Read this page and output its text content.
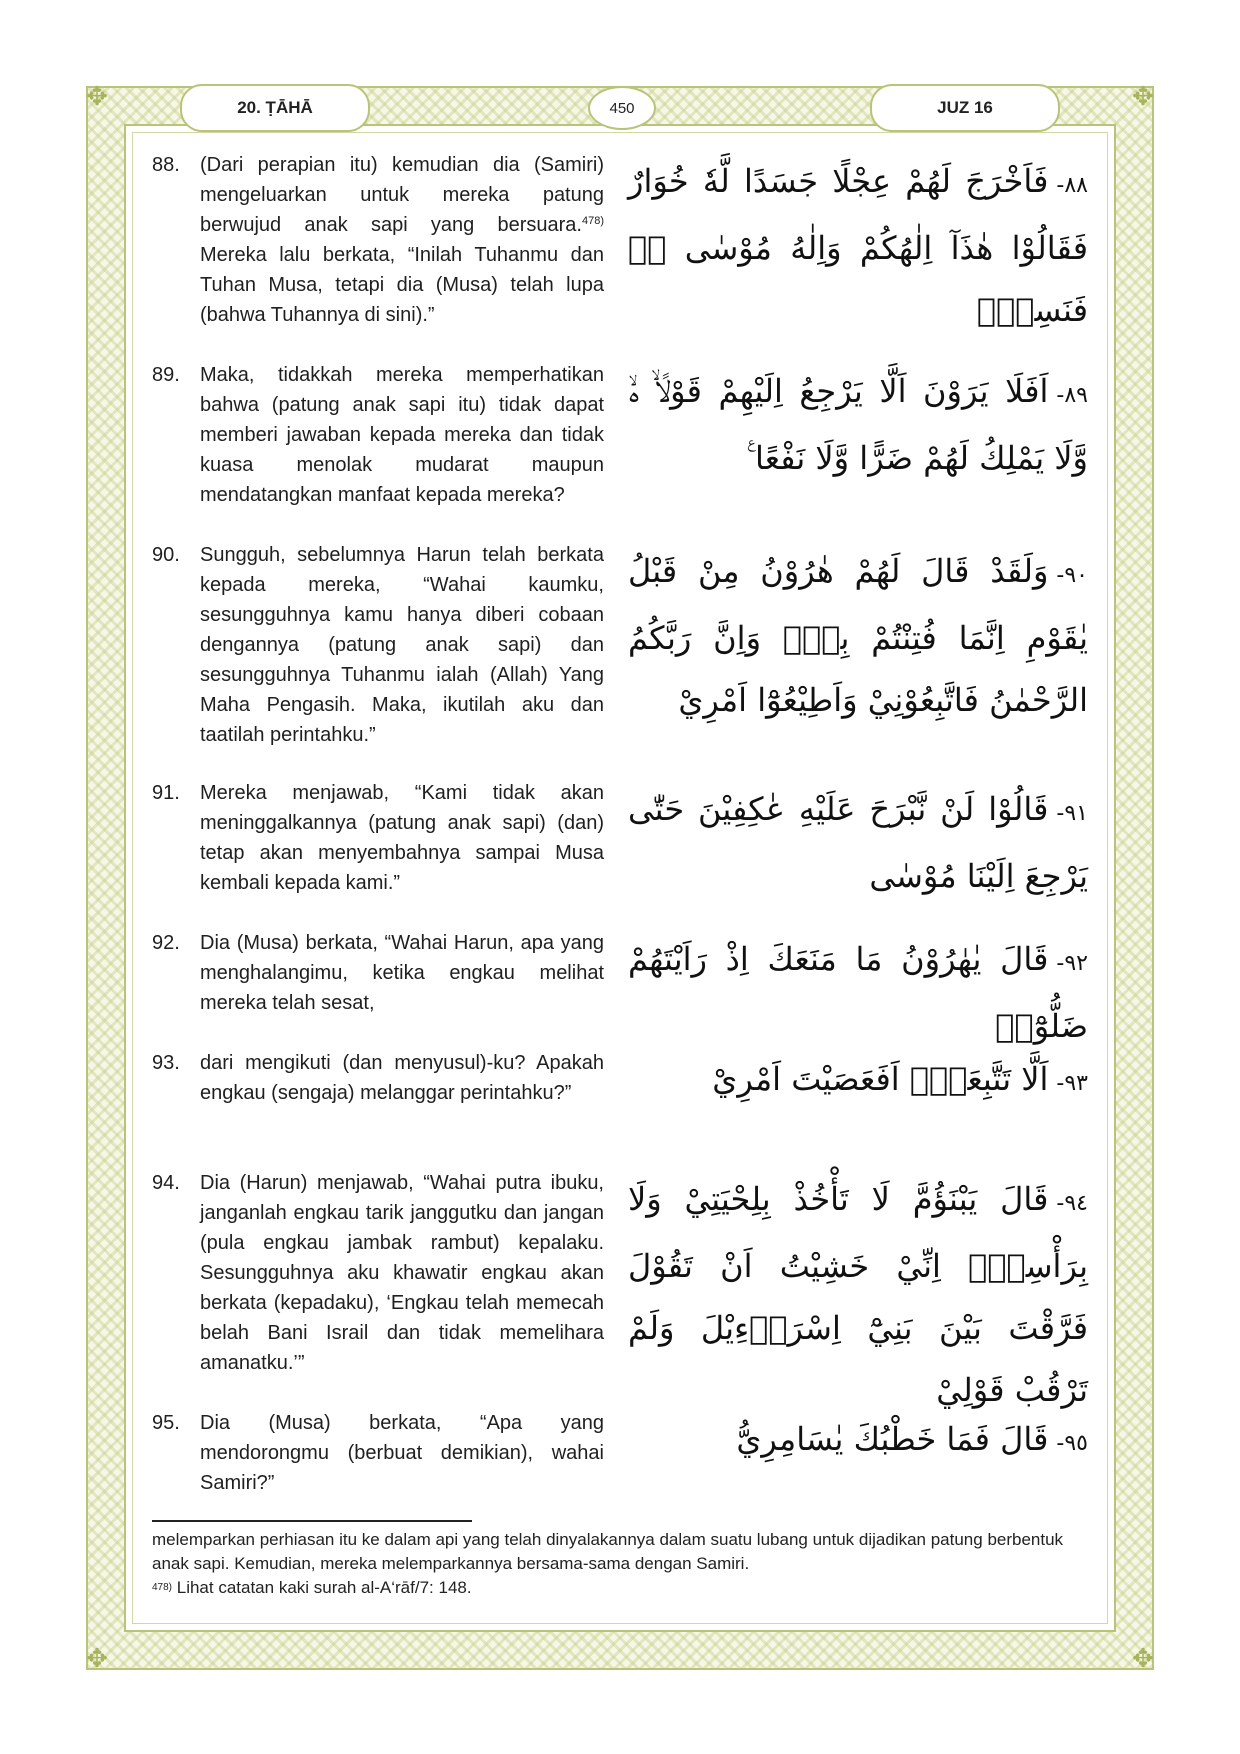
✥	✥
✥	✥
20. ṬĀHĀ	450	JUZ 16
88.	(Dari perapian itu) kemudian dia (Samiri) mengeluarkan untuk mereka patung berwujud anak sapi yang bersuara.$^{478)}$ Mereka lalu berkata, “Inilah Tuhanmu dan Tuhan Musa, tetapi dia (Musa) telah lupa (bahwa Tuhannya di sini).”
٨٨-فَاَخْرَجَ لَهُمْ عِجْلًا جَسَدًا لَّهٗ خُوَارٌ فَقَالُوْا هٰذَآ اِلٰهُكُمْ وَاِلٰهُ مُوْسٰى ەۙ فَنَسِيَۗ
89.	Maka, tidakkah mereka memperhatikan bahwa (patung anak sapi itu) tidak dapat memberi jawaban kepada mereka dan tidak kuasa menolak mudarat maupun mendatangkan manfaat kepada mereka?
٨٩-اَفَلَا يَرَوْنَ اَلَّا يَرْجِعُ اِلَيْهِمْ قَوْلًاۙ ەۙ وَّلَا يَمْلِكُ لَهُمْ ضَرًّا وَّلَا نَفْعًا ࣖ
90.	Sungguh, sebelumnya Harun telah berkata kepada mereka, “Wahai kaumku, sesungguhnya kamu hanya diberi cobaan dengannya (patung anak sapi) dan sesungguhnya Tuhanmu ialah (Allah) Yang Maha Pengasih. Maka, ikutilah aku dan taatilah perintahku.”
٩٠-وَلَقَدْ قَالَ لَهُمْ هٰرُوْنُ مِنْ قَبْلُ يٰقَوْمِ اِنَّمَا فُتِنْتُمْ بِهٖۚ وَاِنَّ رَبَّكُمُ الرَّحْمٰنُ فَاتَّبِعُوْنِيْ وَاَطِيْعُوْٓا اَمْرِيْ
91.	Mereka menjawab, “Kami tidak akan meninggalkannya (patung anak sapi) (dan) tetap akan menyembahnya sampai Musa kembali kepada kami.”
٩١-قَالُوْا لَنْ نَّبْرَحَ عَلَيْهِ عٰكِفِيْنَ حَتّٰى يَرْجِعَ اِلَيْنَا مُوْسٰى
92.	Dia (Musa) berkata, “Wahai Harun, apa yang menghalangimu, ketika engkau melihat mereka telah sesat,
٩٢-قَالَ يٰهٰرُوْنُ مَا مَنَعَكَ اِذْ رَاَيْتَهُمْ ضَلُّوْٓاۙ
93.	dari mengikuti (dan menyusul)-ku? Apakah engkau (sengaja) melanggar perintahku?”	٩٣-اَلَّا تَتَّبِعَنِۗ اَفَعَصَيْتَ اَمْرِيْ
94.	Dia (Harun) menjawab, “Wahai putra ibuku, janganlah engkau tarik janggutku dan jangan (pula engkau jambak rambut) kepalaku. Sesungguhnya aku khawatir engkau akan berkata (kepadaku), ‘Engkau telah memecah belah Bani Israil dan tidak memelihara amanatku.’”
٩٤-قَالَ يَبْنَؤُمَّ لَا تَأْخُذْ بِلِحْيَتِيْ وَلَا بِرَأْسِيْۚ اِنِّيْ خَشِيْتُ اَنْ تَقُوْلَ فَرَّقْتَ بَيْنَ بَنِيْٓ اِسْرَاۤءِيْلَ وَلَمْ تَرْقُبْ قَوْلِيْ
95.	Dia (Musa) berkata, “Apa yang mendorongmu (berbuat demikian), wahai Samiri?”
٩٥-قَالَ فَمَا خَطْبُكَ يٰسَامِرِيُّ

melemparkan perhiasan itu ke dalam api yang telah dinyalakannya dalam suatu lubang untuk dijadikan patung berbentuk anak sapi. Kemudian, mereka melemparkannya bersama-sama dengan Samiri.

$^{478)}$ Lihat catatan kaki surah al-A‘rāf/7: 148.
